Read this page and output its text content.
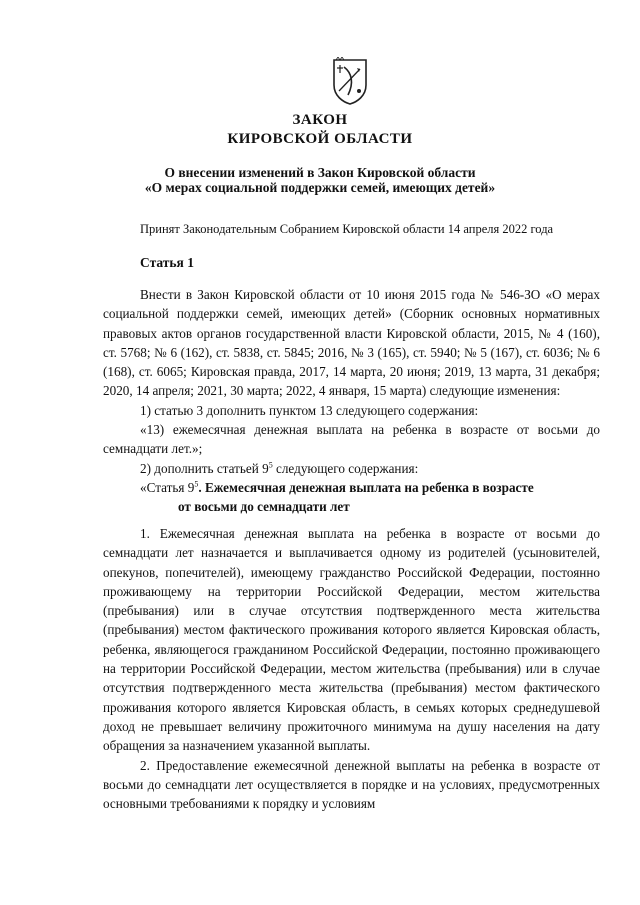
ЗАКОН
КИРОВСКОЙ ОБЛАСТИ
О внесении изменений в Закон Кировской области
«О мерах социальной поддержки семей, имеющих детей»
Принят Законодательным Собранием Кировской области 14 апреля 2022 года
Статья 1
Внести в Закон Кировской области от 10 июня 2015 года № 546-ЗО «О мерах социальной поддержки семей, имеющих детей» (Сборник основных нормативных правовых актов органов государственной власти Кировской области, 2015, № 4 (160), ст. 5768; № 6 (162), ст. 5838, ст. 5845; 2016, № 3 (165), ст. 5940; № 5 (167), ст. 6036; № 6 (168), ст. 6065; Кировская правда, 2017, 14 марта, 20 июня; 2019, 13 марта, 31 декабря; 2020, 14 апреля; 2021, 30 марта; 2022, 4 января, 15 марта) следующие изменения:
1) статью 3 дополнить пунктом 13 следующего содержания:
«13) ежемесячная денежная выплата на ребенка в возрасте от восьми до семнадцати лет.»;
2) дополнить статьей $9^5$ следующего содержания:
«Статья $9^5$. Ежемесячная денежная выплата на ребенка в возрасте
от восьми до семнадцати лет
1. Ежемесячная денежная выплата на ребенка в возрасте от восьми до семнадцати лет назначается и выплачивается одному из родителей (усыновителей, опекунов, попечителей), имеющему гражданство Российской Федерации, постоянно проживающему на территории Российской Федерации, местом жительства (пребывания) или в случае отсутствия подтвержденного места жительства (пребывания) местом фактического проживания которого является Кировская область, ребенка, являющегося гражданином Российской Федерации, постоянно проживающего на территории Российской Федерации, местом жительства (пребывания) или в случае отсутствия подтвержденного места жительства (пребывания) местом фактического проживания которого является Кировская область, в семьях которых среднедушевой доход не превышает величину прожиточного минимума на душу населения на дату обращения за назначением указанной выплаты.
2. Предоставление ежемесячной денежной выплаты на ребенка в возрасте от восьми до семнадцати лет осуществляется в порядке и на условиях, предусмотренных основными требованиями к порядку и условиям
